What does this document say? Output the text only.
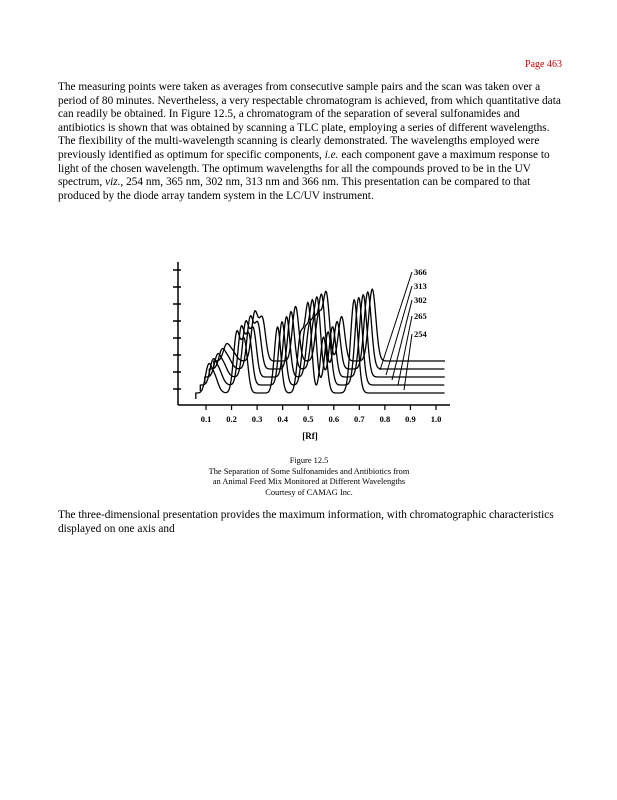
Page 463
The measuring points were taken as averages from consecutive sample pairs and the scan was taken over a period of 80 minutes. Nevertheless, a very respectable chromatogram is achieved, from which quantitative data can readily be obtained. In Figure 12.5, a chromatogram of the separation of several sulfonamides and antibiotics is shown that was obtained by scanning a TLC plate, employing a series of different wavelengths. The flexibility of the multi-wavelength scanning is clearly demonstrated. The wavelengths employed were previously identified as optimum for specific components, i.e. each component gave a maximum response to light of the chosen wavelength. The optimum wavelengths for all the compounds proved to be in the UV spectrum, viz., 254 nm, 365 nm, 302 nm, 313 nm and 366 nm. This presentation can be compared to that produced by the diode array tandem system in the LC/UV instrument.
0.1 0.2 0.3 0.4 0.5 0.6 0.7 0.8 0.9 1.0
366
313
302
265
254
[Rf]
Figure 12.5
The Separation of Some Sulfonamides and Antibiotics from
an Animal Feed Mix Monitored at Different Wavelengths
Courtesy of CAMAG Inc.
The three-dimensional presentation provides the maximum information, with chromatographic characteristics displayed on one axis and
